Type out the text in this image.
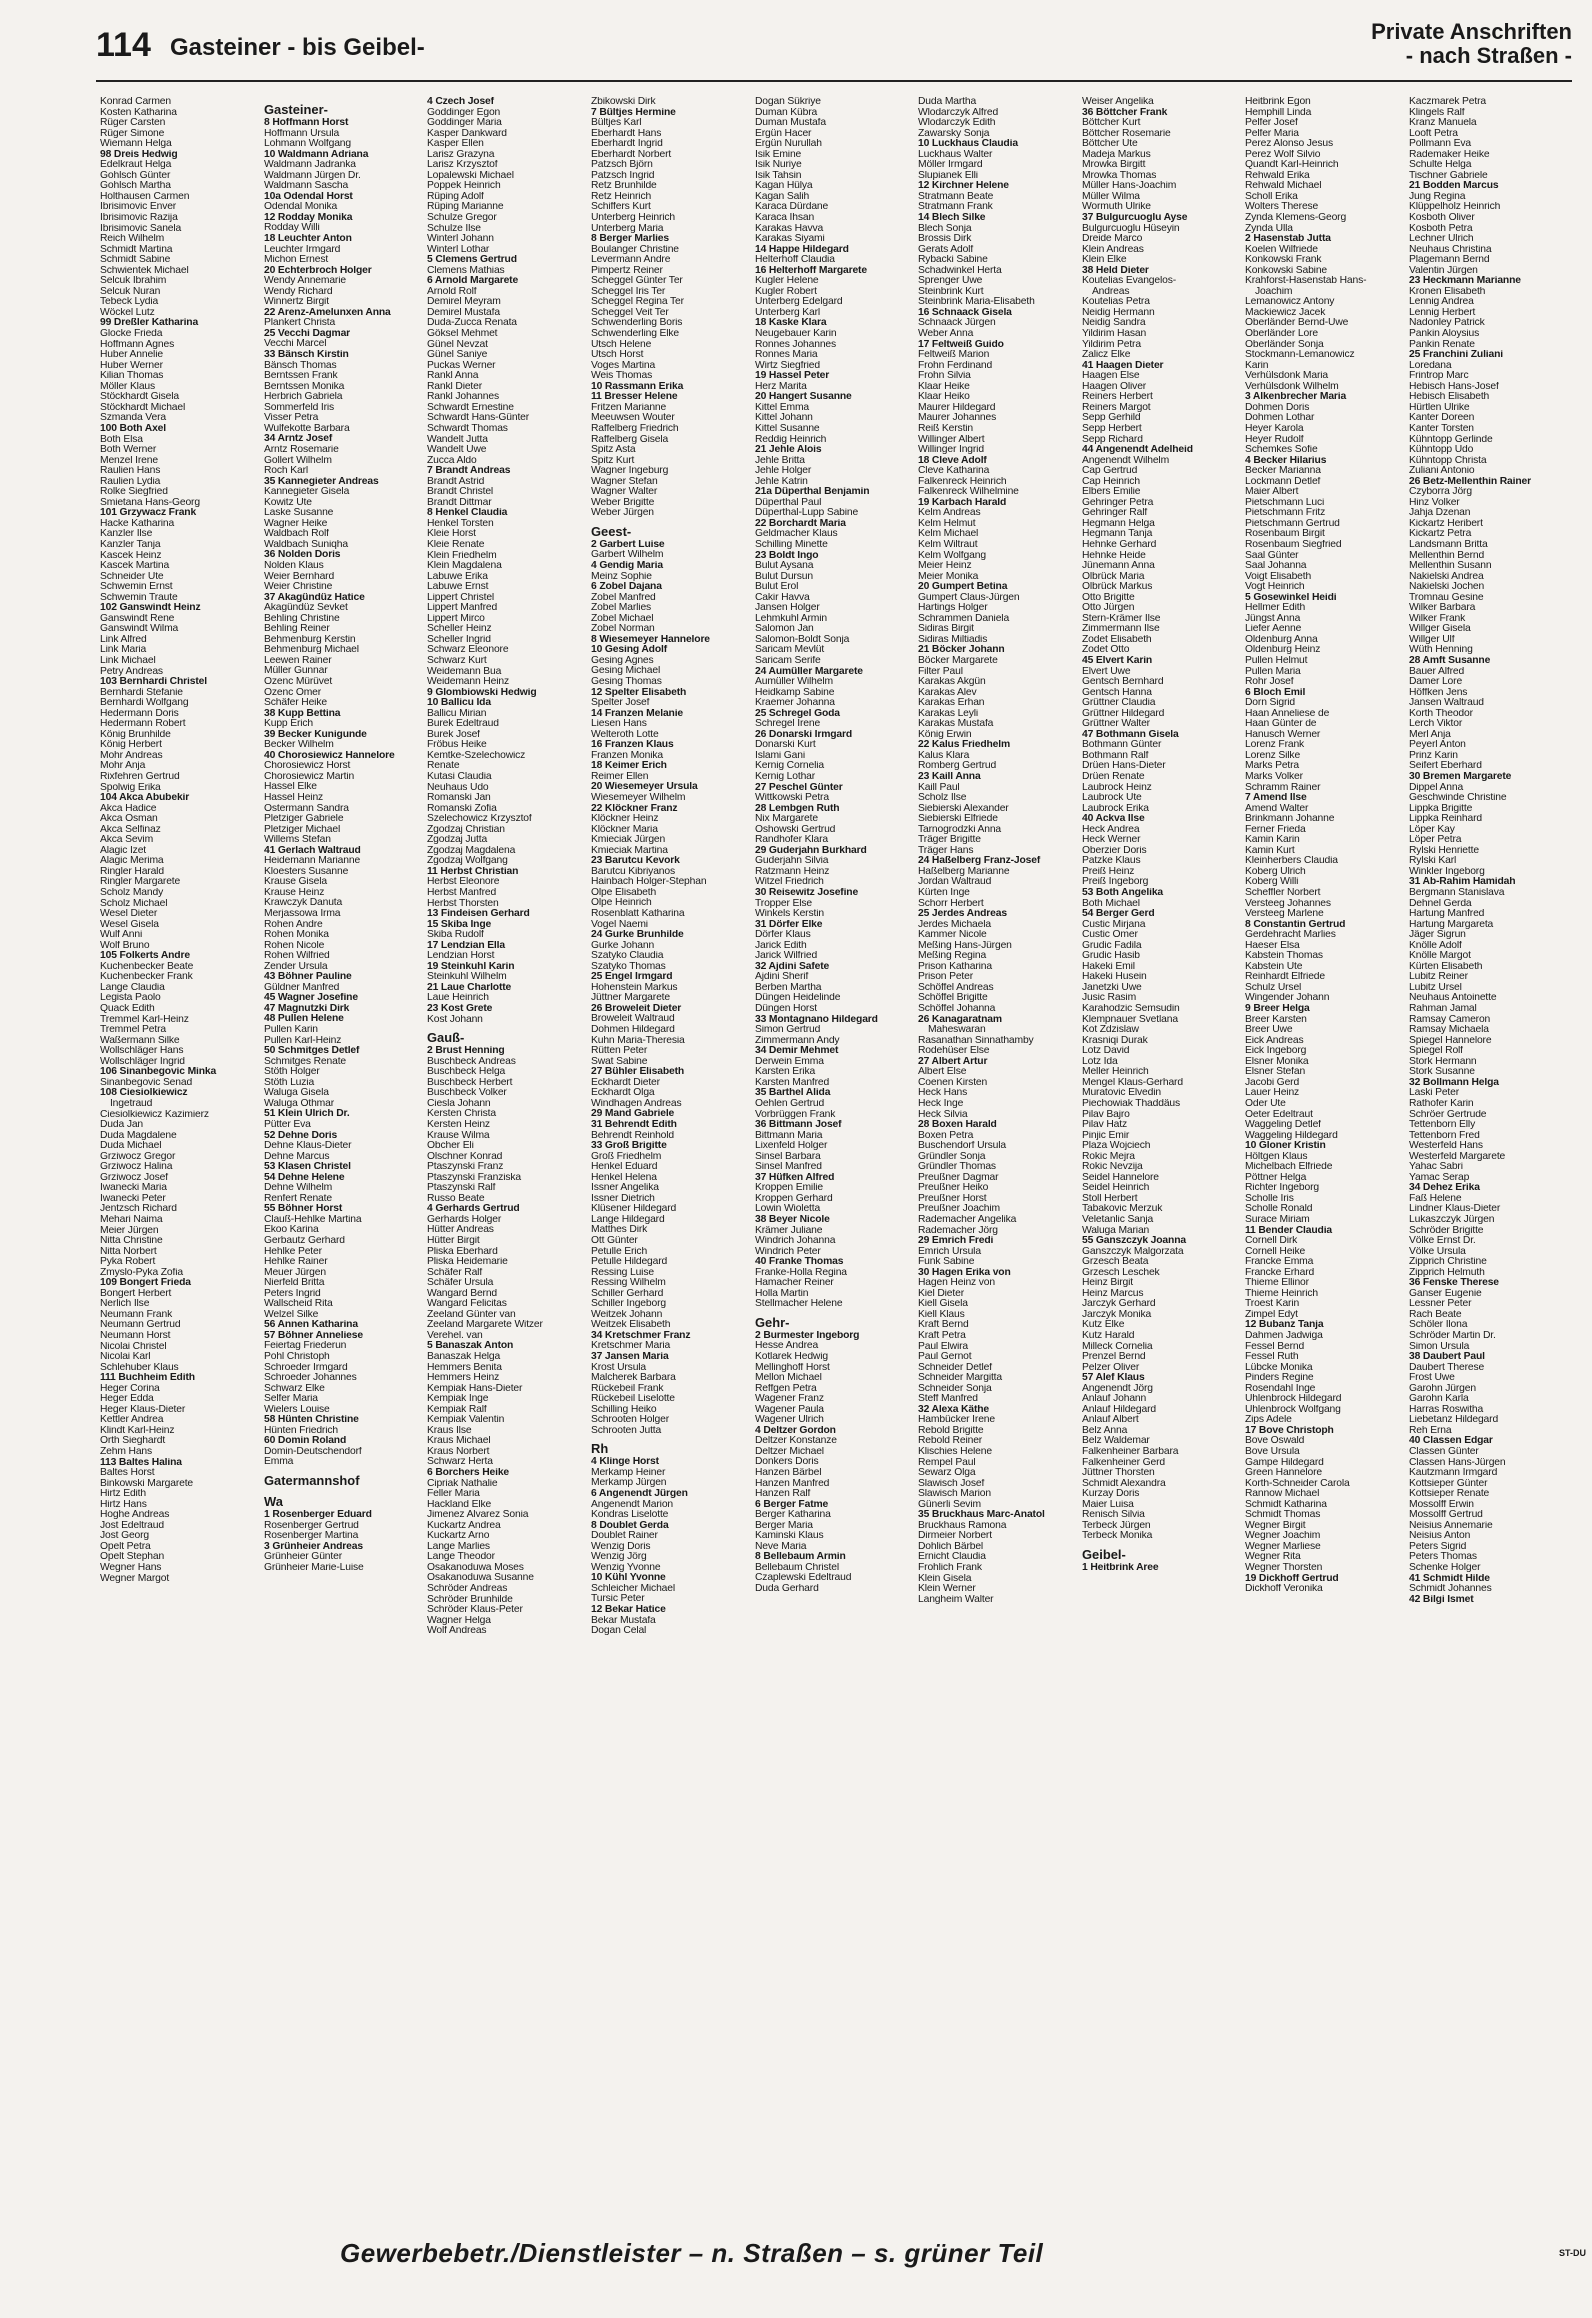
114 Gasteiner - bis Geibel-
Private Anschriften
- nach Straßen -
Konrad Carmen
Kosten Katharina
Rüger Carsten
Rüger Simone
Wiemann Helga
98 Dreis Hedwig
Edelkraut Helga
Gohlsch Günter
Gohlsch Martha
Holthausen Carmen
Ibrisimovic Enver
Ibrisimovic Razija
Ibrisimovic Sanela
Reich Wilhelm
Schmidt Martina
Schmidt Sabine
Schwientek Michael
Selcuk Ibrahim
Selcuk Nuran
Tebeck Lydia
Wöckel Lutz
99 Dreßler Katharina
Glocke Frieda
Hoffmann Agnes
Huber Annelie
Huber Werner
Kilian Thomas
Möller Klaus
Stöckhardt Gisela
Stöckhardt Michael
Szmanda Vera
100 Both Axel
Both Elsa
Both Werner
Menzel Irene
Raulien Hans
Raulien Lydia
Rolke Siegfried
Smietana Hans-Georg
101 Grzywacz Frank
Hacke Katharina
Kanzler Ilse
Kanzler Tanja
Kascek Heinz
Kascek Martina
Schneider Ute
Schwemin Ernst
Schwemin Traute
102 Ganswindt Heinz
Ganswindt Rene
Ganswindt Wilma
Link Alfred
Link Maria
Link Michael
Petry Andreas
103 Bernhardi Christel
Bernhardi Stefanie
Bernhardi Wolfgang
Hedermann Doris
Hedermann Robert
König Brunhilde
König Herbert
Mohr Andreas
Mohr Anja
Rixfehren Gertrud
Spolwig Erika
104 Akca Abubekir
Akca Hadice
Akca Osman
Akca Selfinaz
Akca Sevim
Alagic Izet
Alagic Merima
Ringler Harald
Ringler Margarete
Scholz Mandy
Scholz Michael
Wesel Dieter
Wesel Gisela
Wulf Anni
Wolf Bruno
105 Folkerts Andre
Kuchenbecker Beate
Kuchenbecker Frank
Lange Claudia
Legista Paolo
Quack Edith
Tremmel Karl-Heinz
Tremmel Petra
Waßermann Silke
Wollschläger Hans
Wollschläger Ingrid
106 Sinanbegovic Minka
Sinanbegovic Senad
108 Ciesiolkiewicz
Ingetraud
Ciesiolkiewicz Kazimierz
Duda Jan
Duda Magdalene
Duda Michael
Grziwocz Gregor
Grziwocz Halina
Grziwocz Josef
Iwanecki Maria
Iwanecki Peter
Jentzsch Richard
Mehari Naima
Meier Jürgen
Nitta Christine
Nitta Norbert
Pyka Robert
Zmyslo-Pyka Zofia
109 Bongert Frieda
Bongert Herbert
Nerlich Ilse
Neumann Frank
Neumann Gertrud
Neumann Horst
Nicolai Christel
Nicolai Karl
Schlehuber Klaus
111 Buchheim Edith
Heger Corina
Heger Edda
Heger Klaus-Dieter
Kettler Andrea
Klindt Karl-Heinz
Orth Sieghardt
Zehm Hans
113 Baltes Halina
Baltes Horst
Binkowski Margarete
Hirtz Edith
Hirtz Hans
Hoghe Andreas
Jost Edeltraud
Jost Georg
Opelt Petra
Opelt Stephan
Wegner Hans
Wegner Margot
Gasteiner-
8 Hoffmann Horst
Hoffmann Ursula
Lohmann Wolfgang
10 Waldmann Adriana
Waldmann Jadranka
Waldmann Jürgen Dr.
Waldmann Sascha
10a Odendal Horst
Odendal Monika
12 Rodday Monika
Rodday Willi
18 Leuchter Anton
Leuchter Irmgard
Michon Ernest
20 Echterbroch Holger
Wendy Annemarie
Wendy Richard
Winnertz Birgit
22 Arenz-Amelunxen Anna
Plankert Christa
25 Vecchi Dagmar
Vecchi Marcel
33 Bänsch Kirstin
Bänsch Thomas
Berntssen Frank
Berntssen Monika
Herbrich Gabriela
Sommerfeld Iris
Visser Petra
Wulfekotte Barbara
34 Arntz Josef
Arntz Rosemarie
Gollert Wilhelm
Roch Karl
35 Kannegieter Andreas
Kannegieter Gisela
Kowitz Ute
Laske Susanne
Wagner Heike
Waldbach Rolf
Waldbach Suniqha
36 Nolden Doris
Nolden Klaus
Weier Bernhard
Weier Christine
37 Akagündüz Hatice
Akagündüz Sevket
Behling Christine
Behling Reiner
Behmenburg Kerstin
Behmenburg Michael
Leewen Rainer
Müller Gunnar
Özenc Mürüvet
Özenc Ömer
Schäfer Heike
38 Kupp Bettina
Kupp Erich
39 Becker Kunigunde
Becker Wilhelm
40 Chorosiewicz Hannelore
Chorosiewicz Horst
Chorosiewicz Martin
Hassel Elke
Hassel Heinz
Ostermann Sandra
Pletziger Gabriele
Pletziger Michael
Willems Stefan
41 Gerlach Waltraud
Heidemann Marianne
Kloesters Susanne
Krause Gisela
Krause Heinz
Krawczyk Danuta
Merjassowa Irma
Rohen Andre
Rohen Monika
Rohen Nicole
Rohen Wilfried
Zender Ursula
43 Böhner Pauline
Güldner Manfred
45 Wagner Josefine
47 Magnutzki Dirk
48 Pullen Helene
Pullen Karin
Pullen Karl-Heinz
50 Schmitges Detlef
Schmitges Renate
Stöth Holger
Stöth Luzia
Waluga Gisela
Waluga Othmar
51 Klein Ulrich Dr.
Pütter Eva
52 Dehne Doris
Dehne Klaus-Dieter
Dehne Marcus
53 Klasen Christel
54 Dehne Helene
Dehne Wilhelm
Renfert Renate
55 Böhner Horst
Clauß-Hehlke Martina
Ekoo Karina
Gerbautz Gerhard
Hehlke Peter
Hehlke Rainer
Meuer Jürgen
Nierfeld Britta
Peters Ingrid
Wallscheid Rita
Welzel Silke
56 Annen Katharina
57 Böhner Anneliese
Feiertag Friederun
Pohl Christoph
Schroeder Irmgard
Schroeder Johannes
Schwarz Elke
Selfer Maria
Wielers Louise
58 Hünten Christine
Hünten Friedrich
60 Domin Roland
Domin-Deutschendorf
Emma
Gatermannshof
Wa
1 Rosenberger Eduard
Rosenberger Gertrud
Rosenberger Martina
3 Grünheier Andreas
Grünheier Günter
Grünheier Marie-Luise
4 Czech Josef
Goddinger Egon
Goddinger Maria
Kasper Dankward
Kasper Ellen
Larisz Grazyna
Larisz Krzysztof
Lopalewski Michael
Poppek Heinrich
Rüping Adolf
Rüping Marianne
Schulze Gregor
Schulze Ilse
Winterl Johann
Winterl Lothar
5 Clemens Gertrud
Clemens Mathias
6 Arnold Margarete
Arnold Rolf
Demirel Meyram
Demirel Mustafa
Duda-Zucca Renata
Göksel Mehmet
Günel Nevzat
Günel Saniye
Puckas Werner
Rankl Anna
Rankl Dieter
Rankl Johannes
Schwardt Ernestine
Schwardt Hans-Günter
Schwardt Thomas
Wandelt Jutta
Wandelt Uwe
Zucca Aldo
7 Brandt Andreas
Brandt Astrid
Brandt Christel
Brandt Dittmar
8 Henkel Claudia
Henkel Torsten
Kleie Horst
Kleie Renate
Klein Friedhelm
Klein Magdalena
Labuwe Erika
Labuwe Ernst
Lippert Christel
Lippert Manfred
Lippert Mirco
Scheller Heinz
Scheller Ingrid
Schwarz Eleonore
Schwarz Kurt
Weidemann Bua
Weidemann Heinz
9 Glombiowski Hedwig
10 Ballicu Ida
Ballicu Mirian
Burek Edeltraud
Burek Josef
Fröbus Heike
Kemtke-Szelechowicz
Renate
Kutasi Claudia
Neuhaus Udo
Romanski Jan
Romanski Zofia
Szelechowicz Krzysztof
Zgodzaj Christian
Zgodzaj Jutta
Zgodzaj Magdalena
Zgodzaj Wolfgang
11 Herbst Christian
Herbst Eleonore
Herbst Manfred
Herbst Thorsten
13 Findeisen Gerhard
15 Skiba Inge
Skiba Rudolf
17 Lendzian Ella
Lendzian Horst
19 Steinkuhl Karin
Steinkuhl Wilhelm
21 Laue Charlotte
Laue Heinrich
23 Kost Grete
Kost Johann
Gauß-
2 Brust Henning
Buschbeck Andreas
Buschbeck Helga
Buschbeck Herbert
Buschbeck Volker
Ciesla Johann
Kersten Christa
Kersten Heinz
Krause Wilma
Obcher Eli
Olschner Konrad
Ptaszynski Franz
Ptaszynski Franziska
Ptaszynski Ralf
Russo Beate
4 Gerhards Gertrud
Gerhards Holger
Hütter Andreas
Hütter Birgit
Pliska Eberhard
Pliska Heidemarie
Schäfer Ralf
Schäfer Ursula
Wangard Bernd
Wangard Felicitas
Zeeland Günter van
Zeeland Margarete Witzer
Verehel. van
5 Banaszak Anton
Banaszak Helga
Hemmers Benita
Hemmers Heinz
Kempiak Hans-Dieter
Kempiak Inge
Kempiak Ralf
Kempiak Valentin
Kraus Ilse
Kraus Michael
Kraus Norbert
Schwarz Herta
6 Borchers Heike
Cipriak Nathalie
Feller Maria
Hackland Elke
Jimenez Alvarez Sonia
Kuckartz Andrea
Kuckartz Arno
Lange Marlies
Lange Theodor
Osakanoduwa Moses
Osakanoduwa Susanne
Schröder Andreas
Schröder Brunhilde
Schröder Klaus-Peter
Wagner Helga
Wolf Andreas
Zbikowski Dirk
7 Bültjes Hermine
Bültjes Karl
Eberhardt Hans
Eberhardt Ingrid
Eberhardt Norbert
Patzsch Björn
Patzsch Ingrid
Retz Brunhilde
Retz Heinrich
Schiffers Kurt
Unterberg Heinrich
Unterberg Maria
8 Berger Marlies
Boulanger Christine
Levermann Andre
Pimpertz Reiner
Scheggel Günter Ter
Scheggel Iris Ter
Scheggel Regina Ter
Scheggel Veit Ter
Schwenderling Boris
Schwenderling Elke
Utsch Helene
Utsch Horst
Voges Martina
Weis Thomas
10 Rassmann Erika
11 Bresser Helene
Fritzen Marianne
Meeuwsen Wouter
Raffelberg Friedrich
Raffelberg Gisela
Spitz Asta
Spitz Kurt
Wagner Ingeburg
Wagner Stefan
Wagner Walter
Weber Brigitte
Weber Jürgen
Geest-
2 Garbert Luise
Garbert Wilhelm
4 Gendig Maria
Meinz Sophie
6 Zobel Dajana
Zobel Manfred
Zobel Marlies
Zobel Michael
Zobel Norman
8 Wiesemeyer Hannelore
10 Gesing Adolf
Gesing Agnes
Gesing Michael
Gesing Thomas
12 Spelter Elisabeth
Spelter Josef
14 Franzen Melanie
Liesen Hans
Welteroth Lotte
16 Franzen Klaus
Franzen Monika
18 Keimer Erich
Reimer Ellen
20 Wiesemeyer Ursula
Wiesemeyer Wilhelm
22 Klöckner Franz
Klöckner Heinz
Klöckner Maria
Kmieciak Jürgen
Kmieciak Martina
23 Barutcu Kevork
Barutcu Kibriyanos
Hainbach Holger-Stephan
Olpe Elisabeth
Olpe Heinrich
Rosenblatt Katharina
Vogel Naemi
24 Gurke Brunhilde
Gurke Johann
Szatyko Claudia
Szatyko Thomas
25 Engel Irmgard
Hohenstein Markus
Jüttner Margarete
26 Broweleit Dieter
Broweleit Waltraud
Dohmen Hildegard
Kuhn Maria-Theresia
Rütten Peter
Swat Sabine
27 Bühler Elisabeth
Eckhardt Dieter
Eckhardt Olga
Windhagen Andreas
29 Mand Gabriele
31 Behrendt Edith
Behrendt Reinhold
33 Groß Brigitte
Groß Friedhelm
Henkel Eduard
Henkel Helena
Issner Angelika
Issner Dietrich
Klüsener Hildegard
Lange Hildegard
Matthes Dirk
Ott Günter
Petulle Erich
Petulle Hildegard
Ressing Luise
Ressing Wilhelm
Schiller Gerhard
Schiller Ingeborg
Weitzek Johann
Weitzek Elisabeth
34 Kretschmer Franz
Kretschmer Maria
37 Jansen Maria
Krost Ursula
Malcherek Barbara
Rückebeil Frank
Rückebeil Liselotte
Schilling Heiko
Schrooten Holger
Schrooten Jutta
Rh
4 Klinge Horst
Merkamp Heiner
Merkamp Jürgen
6 Angenendt Jürgen
Angenendt Marion
Kondras Liselotte
8 Doublet Gerda
Doublet Rainer
Wenzig Doris
Wenzig Jörg
Wenzig Yvonne
10 Kühl Yvonne
Schleicher Michael
Tursic Peter
12 Bekar Hatice
Bekar Mustafa
Dogan Celal
Dogan Sükriye
Duman Kübra
Duman Mustafa
Ergün Hacer
Ergün Nurullah
Isik Emine
Isik Nuriye
Isik Tahsin
Kagan Hülya
Kagan Salih
Karaca Dürdane
Karaca Ihsan
Karakas Havva
Karakas Siyami
14 Happe Hildegard
Helterhoff Claudia
16 Helterhoff Margarete
Kugler Helene
Kugler Robert
Unterberg Edelgard
Unterberg Karl
18 Kaske Klara
Neugebauer Karin
Ronnes Johannes
Ronnes Maria
Wirtz Siegfried
19 Hassel Peter
Herz Marita
20 Hangert Susanne
Kittel Emma
Kittel Johann
Kittel Susanne
Reddig Heinrich
21 Jehle Alois
Jehle Britta
Jehle Holger
Jehle Katrin
21a Düperthal Benjamin
Düperthal Paul
Düperthal-Lupp Sabine
22 Borchardt Maria
Geldmacher Klaus
Schilling Minette
23 Boldt Ingo
Bulut Aysana
Bulut Dursun
Bulut Erol
Cakir Havva
Jansen Holger
Lehmkuhl Armin
Salomon Jan
Salomon-Boldt Sonja
Saricam Mevlüt
Saricam Serife
24 Aumüller Margarete
Aumüller Wilhelm
Heidkamp Sabine
Kraemer Johanna
25 Schregel Goda
Schregel Irene
26 Donarski Irmgard
Donarski Kurt
Islami Gani
Kernig Cornelia
Kernig Lothar
27 Peschel Günter
Wittkowski Petra
28 Lembgen Ruth
Nix Margarete
Oshowski Gertrud
Randhofer Klara
29 Guderjahn Burkhard
Guderjahn Silvia
Ratzmann Heinz
Witzel Friedrich
30 Reisewitz Josefine
Tropper Else
Winkels Kerstin
31 Dörfer Elke
Dörfer Klaus
Jarick Edith
Jarick Wilfried
32 Ajdini Safete
Ajdini Sherif
Berben Martha
Düngen Heidelinde
Düngen Horst
33 Montagnano Hildegard
Simon Gertrud
Zimmermann Andy
34 Demir Mehmet
Derwein Emma
Karsten Erika
Karsten Manfred
35 Barthel Alida
Oehlen Gertrud
Vorbrüggen Frank
36 Bittmann Josef
Bittmann Maria
Lixenfeld Holger
Sinsel Barbara
Sinsel Manfred
37 Hüfken Alfred
Kroppen Emilie
Kroppen Gerhard
Lowin Wioletta
38 Beyer Nicole
Krämer Juliane
Windrich Johanna
Windrich Peter
40 Franke Thomas
Franke-Holla Regina
Hamacher Reiner
Holla Martin
Stellmacher Helene
Gehr-
2 Burmester Ingeborg
Hesse Andrea
Kotlarek Hedwig
Mellinghoff Horst
Mellon Michael
Reffgen Petra
Wagener Franz
Wagener Paula
Wagener Ulrich
4 Deltzer Gordon
Deltzer Konstanze
Deltzer Michael
Donkers Doris
Hanzen Bärbel
Hanzen Manfred
Hanzen Ralf
6 Berger Fatme
Berger Katharina
Berger Maria
Kaminski Klaus
Neve Maria
8 Bellebaum Armin
Bellebaum Christel
Czaplewski Edeltraud
Duda Gerhard
Duda Martha
Wlodarczyk Alfred
Wlodarczyk Edith
Zawarsky Sonja
10 Luckhaus Claudia
Luckhaus Walter
Möller Irmgard
Slupianek Elli
12 Kirchner Helene
Stratmann Beate
Stratmann Frank
14 Blech Silke
Blech Sonja
Brossis Dirk
Gerats Adolf
Rybacki Sabine
Schadwinkel Herta
Sprenger Uwe
Steinbrink Kurt
Steinbrink Maria-Elisabeth
16 Schnaack Gisela
Schnaack Jürgen
Weber Anna
17 Feltweiß Guido
Feltweiß Marion
Frohn Ferdinand
Frohn Silvia
Klaar Heike
Klaar Heiko
Maurer Hildegard
Maurer Johannes
Reiß Kerstin
Willinger Albert
Willinger Ingrid
18 Cleve Adolf
Cleve Katharina
Falkenreck Heinrich
Falkenreck Wilhelmine
19 Karbach Harald
Kelm Andreas
Kelm Helmut
Kelm Michael
Kelm Wiltraut
Kelm Wolfgang
Meier Heinz
Meier Monika
20 Gumpert Betina
Gumpert Claus-Jürgen
Hartings Holger
Schrammen Daniela
Sidiras Birgit
Sidiras Miltiadis
21 Böcker Johann
Böcker Margarete
Filter Paul
Karakas Akgün
Karakas Alev
Karakas Erhan
Karakas Leyli
Karakas Mustafa
König Erwin
22 Kalus Friedhelm
Kalus Klara
Romberg Gertrud
23 Kaill Anna
Kaill Paul
Scholz Ilse
Siebierski Alexander
Siebierski Elfriede
Tarnogrodzki Anna
Träger Brigitte
Träger Hans
24 Haßelberg Franz-Josef
Haßelberg Marianne
Jordan Waltraud
Kürten Inge
Schorr Herbert
25 Jerdes Andreas
Jerdes Michaela
Kammer Nicole
Meßing Hans-Jürgen
Meßing Regina
Prison Katharina
Prison Peter
Schöffel Andreas
Schöffel Brigitte
Schöffel Johanna
26 Kanagaratnam
Maheswaran
Rasanathan Sinnathamby
Rodehüser Else
27 Albert Artur
Albert Else
Coenen Kirsten
Heck Hans
Heck Inge
Heck Silvia
28 Boxen Harald
Boxen Petra
Buschendorf Ursula
Gründler Sonja
Gründler Thomas
Preußner Dagmar
Preußner Heiko
Preußner Horst
Preußner Joachim
Rademacher Angelika
Rademacher Jörg
29 Emrich Fredi
Emrich Ursula
Funk Sabine
30 Hagen Erika von
Hagen Heinz von
Kiel Dieter
Kiell Gisela
Kiell Klaus
Kraft Bernd
Kraft Petra
Paul Elwira
Paul Gernot
Schneider Detlef
Schneider Margitta
Schneider Sonja
Steff Manfred
32 Alexa Käthe
Hambücker Irene
Rebold Brigitte
Rebold Reiner
Klischies Helene
Rempel Paul
Sewarz Olga
Slawisch Josef
Slawisch Marion
Günerli Sevim
35 Bruckhaus Marc-Anatol
Bruckhaus Ramona
Dirmeier Norbert
Dohlich Bärbel
Ernicht Claudia
Frohlich Frank
Klein Gisela
Klein Werner
Langheim Walter
Weiser Angelika
36 Böttcher Frank
Böttcher Kurt
Böttcher Rosemarie
Böttcher Ute
Madeja Markus
Mrowka Birgitt
Mrowka Thomas
Müller Hans-Joachim
Müller Wilma
Wormuth Ulrike
37 Bulgurcuoglu Ayse
Bulgurcuoglu Hüseyin
Dreide Marco
Klein Andreas
Klein Elke
38 Held Dieter
Koutelias Evangelos-
Andreas
Koutelias Petra
Neidig Hermann
Neidig Sandra
Yildirim Hasan
Yildirim Petra
Zalicz Elke
41 Haagen Dieter
Haagen Else
Haagen Oliver
Reiners Herbert
Reiners Margot
Sepp Gerhild
Sepp Herbert
Sepp Richard
44 Angenendt Adelheid
Angenendt Wilhelm
Cap Gertrud
Cap Heinrich
Elbers Emilie
Gehringer Petra
Gehringer Ralf
Hegmann Helga
Hegmann Tanja
Hehnke Gerhard
Hehnke Heide
Jünemann Anna
Olbrück Maria
Olbrück Markus
Otto Brigitte
Otto Jürgen
Stern-Krämer Ilse
Zimmermann Ilse
Zodet Elisabeth
Zodet Otto
45 Elvert Karin
Elvert Uwe
Gentsch Bernhard
Gentsch Hanna
Grüttner Claudia
Grüttner Hildegard
Grüttner Walter
47 Bothmann Gisela
Bothmann Günter
Bothmann Ralf
Drüen Hans-Dieter
Drüen Renate
Laubrock Heinz
Laubrock Ute
Laubrock Erika
40 Ackva Ilse
Heck Andrea
Heck Werner
Oberzier Doris
Patzke Klaus
Preiß Heinz
Preiß Ingeborg
53 Both Angelika
Both Michael
54 Berger Gerd
Custic Mirjana
Custic Omer
Grudic Fadila
Grudic Hasib
Hakeki Emil
Hakeki Husein
Janetzki Uwe
Jusic Rasim
Karahodzic Semsudin
Klempnauer Svetlana
Kot Zdzislaw
Krasniqi Durak
Lotz David
Lotz Ida
Meller Heinrich
Mengel Klaus-Gerhard
Muratovic Elvedin
Piechowiak Thaddäus
Pilav Bajro
Pilav Hatz
Pinjic Emir
Plaza Wojciech
Rokic Mejra
Rokic Nevzija
Seidel Hannelore
Seidel Heinrich
Stoll Herbert
Tabakovic Merzuk
Veletanlic Sanja
Waluga Marian
55 Ganszczyk Joanna
Ganszczyk Malgorzata
Grzesch Beata
Grzesch Leschek
Heinz Birgit
Heinz Marcus
Jarczyk Gerhard
Jarczyk Monika
Kutz Elke
Kutz Harald
Milleck Cornelia
Prenzel Bernd
Pelzer Oliver
57 Alef Klaus
Angenendt Jörg
Anlauf Johann
Anlauf Hildegard
Anlauf Albert
Belz Anna
Belz Waldemar
Falkenheiner Barbara
Falkenheiner Gerd
Jüttner Thorsten
Schmidt Alexandra
Kurzay Doris
Maier Luisa
Renisch Silvia
Terbeck Jürgen
Terbeck Monika
Geibel-
1 Heitbrink Aree
Heitbrink Egon
Hemphill Linda
Pelfer Josef
Pelfer Maria
Perez Alonso Jesus
Perez Wolf Silvio
Quandt Karl-Heinrich
Rehwald Erika
Rehwald Michael
Scholl Erika
Wolters Therese
Zynda Klemens-Georg
Zynda Ulla
2 Hasenstab Jutta
Koelen Wilfriede
Konkowski Frank
Konkowski Sabine
Krahforst-Hasenstab Hans-
Joachim
Lemanowicz Antony
Mackiewicz Jacek
Oberländer Bernd-Uwe
Oberländer Lore
Oberländer Sonja
Stockmann-Lemanowicz
Karin
Verhülsdonk Maria
Verhülsdonk Wilhelm
3 Alkenbrecher Maria
Dohmen Doris
Dohmen Lothar
Heyer Karola
Heyer Rudolf
Schemkes Sofie
4 Becker Hilarius
Becker Marianna
Lockmann Detlef
Maier Albert
Pietschmann Luci
Pietschmann Fritz
Pietschmann Gertrud
Rosenbaum Birgit
Rosenbaum Siegfried
Saal Günter
Saal Johanna
Voigt Elisabeth
Vogt Heinrich
5 Gosewinkel Heidi
Hellmer Edith
Jüngst Anna
Liefer Aenne
Oldenburg Anna
Oldenburg Heinz
Pullen Helmut
Pullen Maria
Rohr Josef
6 Bloch Emil
Dorn Sigrid
Haan Anneliese de
Haan Günter de
Hanusch Werner
Lorenz Frank
Lorenz Silke
Marks Petra
Marks Volker
Schramm Rainer
7 Amend Ilse
Amend Walter
Brinkmann Johanne
Ferner Frieda
Kamin Karin
Kamin Kurt
Kleinherbers Claudia
Koberg Ulrich
Koberg Willi
Scheffler Norbert
Versteeg Johannes
Versteeg Marlene
8 Constantin Gertrud
Gerdehracht Marlies
Haeser Elsa
Kabstein Thomas
Kabstein Ute
Reinhardt Elfriede
Schulz Ursel
Wingender Johann
9 Breer Helga
Breer Karsten
Breer Uwe
Eick Andreas
Eick Ingeborg
Elsner Monika
Elsner Stefan
Jacobi Gerd
Lauer Heinz
Oder Ute
Oeter Edeltraut
Waggeling Detlef
Waggeling Hildegard
10 Gloner Kristin
Höltgen Klaus
Michelbach Elfriede
Pöttner Helga
Richter Ingeborg
Scholle Iris
Scholle Ronald
Surace Miriam
11 Bender Claudia
Cornell Dirk
Cornell Heike
Francke Emma
Francke Erhard
Thieme Ellinor
Thieme Heinrich
Troest Karin
Zimpel Edyt
12 Bubanz Tanja
Dahmen Jadwiga
Fessel Bernd
Fessel Ruth
Lübcke Monika
Pinders Regine
Rosendahl Inge
Uhlenbrock Hildegard
Uhlenbrock Wolfgang
Zips Adele
17 Bove Christoph
Bove Oswald
Bove Ursula
Gampe Hildegard
Green Hannelore
Korth-Schneider Carola
Rannow Michael
Schmidt Katharina
Schmidt Thomas
Wegner Birgit
Wegner Joachim
Wegner Marliese
Wegner Rita
Wegner Thorsten
19 Dickhoff Gertrud
Dickhoff Veronika
Kaczmarek Petra
Klingels Ralf
Kranz Manuela
Looft Petra
Pollmann Eva
Rademaker Heike
Schulte Helga
Tischner Gabriele
21 Bodden Marcus
Jung Regina
Klüppelholz Heinrich
Kosboth Oliver
Kosboth Petra
Lechner Ulrich
Neuhaus Christina
Plagemann Bernd
Valentin Jürgen
23 Heckmann Marianne
Kronen Elisabeth
Lennig Andrea
Lennig Herbert
Nadonley Patrick
Pankin Aloysius
Pankin Renate
25 Franchini Zuliani
Loredana
Frintrop Marc
Hebisch Hans-Josef
Hebisch Elisabeth
Hürtlen Ulrike
Kanter Doreen
Kanter Torsten
Kühntopp Gerlinde
Kühntopp Udo
Kühntopp Christa
Zuliani Antonio
26 Betz-Mellenthin Rainer
Czyborra Jörg
Hinz Volker
Jahja Dzenan
Kickartz Heribert
Kickartz Petra
Landsmann Britta
Mellenthin Bernd
Mellenthin Susann
Nakielski Andrea
Nakielski Jochen
Tromnau Gesine
Wilker Barbara
Wilker Frank
Willger Gisela
Willger Ulf
Wüth Henning
28 Amft Susanne
Bauer Alfred
Damer Lore
Höffken Jens
Jansen Waltraud
Korth Theodor
Lerch Viktor
Merl Anja
Peyerl Anton
Prinz Karin
Seifert Eberhard
30 Bremen Margarete
Dippel Anna
Geschwinde Christine
Lippka Brigitte
Lippka Reinhard
Löper Kay
Löper Petra
Rylski Henriette
Rylski Karl
Winkler Ingeborg
31 Ab-Rahim Hamidah
Bergmann Stanislava
Dehnel Gerda
Hartung Manfred
Hartung Margareta
Jäger Sigrun
Knölle Adolf
Knölle Margot
Kürten Elisabeth
Lubitz Reiner
Lubitz Ursel
Neuhaus Antoinette
Rahman Jamal
Ramsay Cameron
Ramsay Michaela
Spiegel Hannelore
Spiegel Rolf
Stork Hermann
Stork Susanne
32 Bollmann Helga
Laski Peter
Rathofer Karin
Schröer Gertrude
Tettenborn Elly
Tettenborn Fred
Westerfeld Hans
Westerfeld Margarete
Yahac Sabri
Yamac Serap
34 Dehez Erika
Faß Helene
Lindner Klaus-Dieter
Lukaszczyk Jürgen
Schröder Brigitte
Völke Ernst Dr.
Völke Ursula
Zipprich Christine
Zipprich Helmuth
36 Fenske Therese
Ganser Eugenie
Lessner Peter
Rach Beate
Schöler Ilona
Schröder Martin Dr.
Simon Ursula
38 Daubert Paul
Daubert Therese
Frost Uwe
Garohn Jürgen
Garohn Karla
Harras Roswitha
Liebetanz Hildegard
Reh Erna
40 Classen Edgar
Classen Günter
Classen Hans-Jürgen
Kautzmann Irmgard
Kottsieper Günter
Kottsieper Renate
Mossolff Erwin
Mossolff Gertrud
Neisius Annemarie
Neisius Anton
Peters Sigrid
Peters Thomas
Schenke Holger
41 Schmidt Hilde
Schmidt Johannes
42 Bilgi Ismet
Gewerbebetr./Dienstleister – n. Straßen – s. grüner Teil	ST-DU
